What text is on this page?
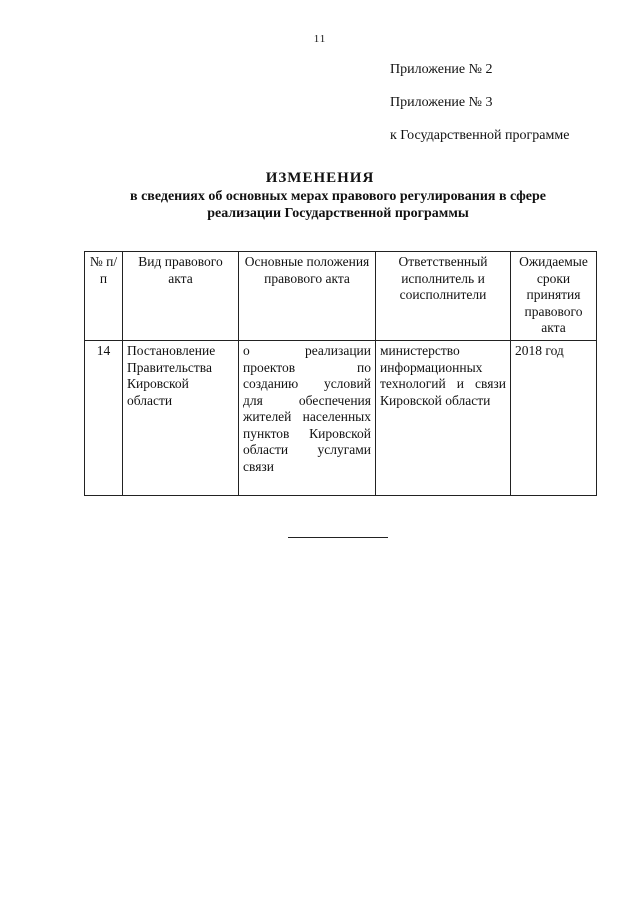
11
Приложение № 2
Приложение № 3
к Государственной программе
ИЗМЕНЕНИЯ
в сведениях об основных мерах правового регулирования в сфере реализации Государственной программы
№ п/п	Вид правового акта	Основные положения правового акта	Ответственный исполнитель и соисполнители	Ожидаемые сроки принятия правового акта
14	Постановление Правительства Кировской области	о реализации проектов по созданию условий для обеспечения жителей населенных пунктов Кировской области услугами связи	министерство информационных технологий и связи Кировской области	2018 год
